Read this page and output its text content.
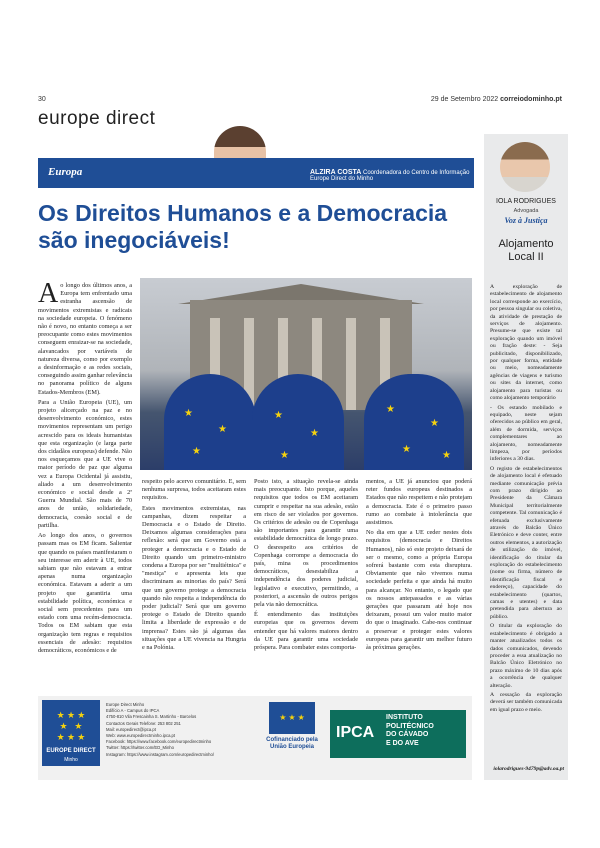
30	29 de Setembro 2022 correiodominho.pt
europe direct
Europa	ALZIRA COSTA Coordenadora do Centro de Informação Europe Direct do Minho
Os Direitos Humanos e a Democracia
são inegociáveis!
★
★
★
★
★
★
★
★
★
★

Ao longo dos últimos anos, a Europa tem enfrentado uma estranha ascensão de movimentos extremistas e radicais na sociedade europeia. O fenómeno não é novo, no entanto começa a ser preocupante como estes movimentos conseguem enraizar-se na sociedade, alavancados por variáveis de natureza diversa, como por exemplo a desinformação e as redes sociais, conseguindo assim ganhar relevância no panorama político de alguns Estados-Membros (EM).

Para a União Europeia (UE), um projeto alicerçado na paz e no desenvolvimento económico, estes movimentos representam um perigo acrescido para os ideais humanistas que esta organização (e larga parte dos cidadãos europeus) defende. Não nos esqueçamos que a UE vive o maior período de paz que alguma vez a Europa Ocidental já assistiu, aliado a um desenvolvimento económico e social desde a 2ª Guerra Mundial. São mais de 70 anos de união, solidariedade, democracia, coesão social e de partilha.

Ao longo dos anos, o governos passam mas os EM ficam. Salientar que quando os países manifestaram o seu interesse em aderir à UE, todos sabiam que não estavam a entrar apenas numa organização económica. Estavam a aderir a um projeto que garantiria uma estabilidade política, económica e social sem precedentes para um estado com uma recém-democracia. Todos os EM sabiam que esta organização tem regras e requisitos essenciais de adesão: requisitos democráticos, económicos e de

respeito pelo acervo comunitário. E, sem nenhuma surpresa, todos aceitaram estes requisitos.

Estes movimentos extremistas, nas campanhas, dizem respeitar a Democracia e o Estado de Direito. Deixamos algumas considerações para reflexão: será que um Governo está a proteger a democracia e o Estado de Direito quando um primeiro-ministro condena a Europa por ser "multiétnica" e "mestiça" e apresenta leis que discriminam as minorias do país? Será que um governo protege a democracia quando não respeita a independência do poder judicial? Será que um governo protege o Estado de Direito quando limita a liberdade de expressão e de imprensa? Estes são já algumas das situações que a UE vivencia na Hungria e na Polónia.

Posto isto, a situação revela-se ainda mais preocupante. Isto porque, aqueles requisitos que todos os EM aceitaram cumprir e respeitar na sua adesão, estão em risco de ser violados por governos. Os critérios de adesão ou de Copenhaga são importantes para garantir uma estabilidade democrática de longo prazo. O desrespeito aos critérios de Copenhaga corrompe a democracia do país, mina os procedimentos democráticos, desestabiliza a independência dos poderes judicial, legislativo e executivo, permitindo, a posteriori, a ascensão de outros perigos pela via não democrática.

É entendimento das instituições europeias que os governos devem entender que há valores maiores dentro da UE para garantir uma sociedade próspera. Para combater estes comporta-

mentos, a UE já anunciou que poderá reter fundos europeus destinados a Estados que não respeitem e não protejam a democracia. Este é o primeiro passo rumo ao combate à intolerância que assistimos.

No dia em que a UE ceder nestes dois requisitos (democracia e Direitos Humanos), não só este projeto deixará de ser o mesmo, como a própria Europa sofrerá bastante com esta disruptura. Obviamente que não vivemos numa sociedade perfeita e que ainda há muito para alcançar. No entanto, o legado que os nossos antepassados e as várias gerações que passaram até hoje nos deixaram, possui um valor muito maior do que o imaginado. Cabe-nos continuar a preservar e proteger estes valores europeus para garantir um melhor futuro às próximas gerações.

★ ★ ★
★   ★
★ ★ ★
EUROPE DIRECT
Minho
Europe Direct Minho
Edifício A - Campus do IPCA
4750-810 Vila Frescainha S. Martinho - Barcelos
Contactos Gerais Telefone: 253 802 251
Mail: europedirect@ipca.pt
Web: www.europedirectminho.ipca.pt
Facebook: https://www.facebook.com/europedirectminho
Twitter: https://twitter.com/ED_Minho
Instagram: https://www.instagram.com/europedirectminho/
★ ★ ★
Cofinanciado pela
União Europeia
IPCA
INSTITUTO
POLITÉCNICO
DO CÁVADO
E DO AVE
IOLA RODRIGUES
Advogada
Voz à Justiça
Alojamento
Local II

A exploração de estabelecimento de alojamento local corresponde ao exercício, por pessoa singular ou coletiva, da atividade de prestação de serviços de alojamento. Presume-se que existe tal exploração quando um imóvel ou fração deste: - Seja publicitado, disponibilizado, por qualquer forma, entidade ou meio, nomeadamente agências de viagens e turismo ou sites da internet, como alojamento para turistas ou como alojamento temporário

- Os estando mobilado e equipado, neste sejam oferecidos ao público em geral, além de dormida, serviços complementares ao alojamento, nomeadamente limpeza, por períodos inferiores a 30 dias.

O registo de estabelecimentos de alojamento local é efetuado mediante comunicação prévia com prazo dirigido ao Presidente da Câmara Municipal territorialmente competente. Tal comunicação é efetuada exclusivamente através do Balcão Único Eletrónico e deve conter, entre outros elementos, a autorização de utilização do imóvel, identificação do titular da exploração do estabelecimento (nome ou firma, número de identificação fiscal e endereço), capacidade do estabelecimento (quartos, camas e utentes) e data pretendida para abertura ao público.

O titular da exploração do estabelecimento é obrigado a manter atualizados todos os dados comunicados, devendo proceder a essa atualização no Balcão Único Eletrónico no prazo máximo de 10 dias após a ocorrência de qualquer alteração.

A cessação da exploração deverá ser também comunicada em igual prazo e meio.

iolarodrigues-9479p@adv.oa.pt
